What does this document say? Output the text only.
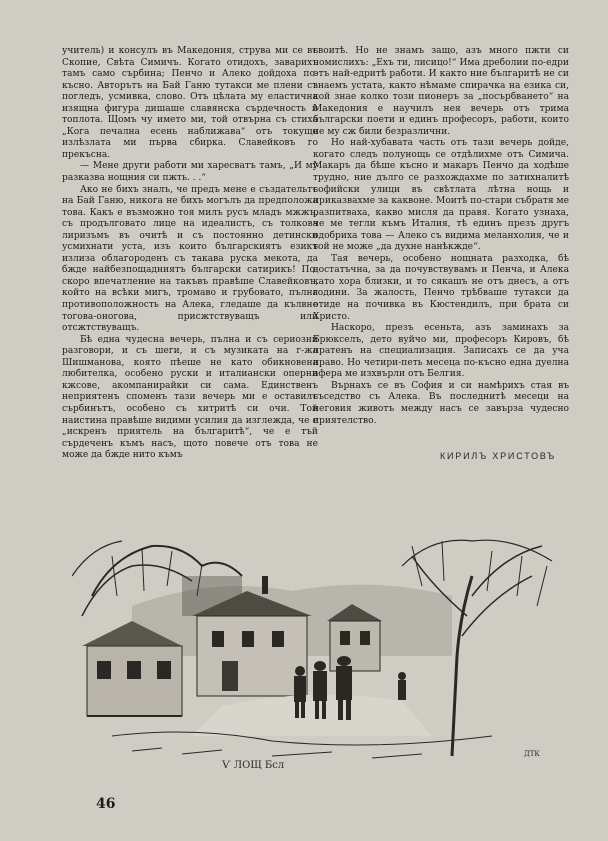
учитель) и консулъ въ Македония, струва ми се въ Скопие, Свѣта Симичъ. Когато отидохъ, заварихъ тамъ само сърбина; Пенчо и Алеко дойдоха по-късно. Авторътъ на Бай Ганю тутакси ме плени съ погледъ, усмивка, слово. Отъ цѣлата му еластична изящна фигура дишаше славянска сърдечность и топлота. Щомъ чу името ми, той отвърна съ стиха „Кога печална есень наближава“ отъ токущо излѣзлата ми първа сбирка. Славейковъ го прекъсна.

— Мене други работи ми харесватъ тамъ, „И му разказва нощния си пжть. . .“

Ако не бихъ зналъ, че предъ мене е създательтъ на Бай Ганю, никога не бихъ могълъ да предположа това. Какъ е възможно тоя милъ русъ младъ мжжъ, съ продълговато лице на идеалистъ, съ толкова лиризъмъ въ очитѣ и съ постоянно детински усмихнати уста, изъ които българскиятъ езикъ излиза облагороденъ съ такава руска мекота, да бжде найбезпощадниятъ български сатирикъ! По-скоро впечатление на такъвъ правѣше Славейковъ, който на всѣки мигъ, тромаво и грубовато, пълна противоположность на Алека, гледаше да кълвне тогова-оногова, присжтствуващъ или отсжтствуващъ.

Бѣ една чудесна вечерь, пълна и съ сериозни разговори, и съ шеги, и съ музиката на г-жа Шишманова, която пѣеше не като обикновена любителка, особено руски и италиански оперни кжсове, акомпанирайки си сама. Единственъ неприятенъ споменъ тази вечерь ми е оставилъ сърбинътъ, особено съ хитритѣ си очи. Той наистина правѣше видими усилия да изглежда, че е „искренъ приятель на българитѣ“, че е тъй сърдеченъ къмъ насъ, щото повече отъ това не може да бжде нито къмъ

своитѣ. Но не знамъ защо, азъ много пжти си помислихъ: „Ехъ ти, лисицо!“ Има дреболии по-едри отъ най-едритѣ работи. И както ние българитѣ не си знаемъ устата, както нѣмаме спирачка на езика си, кой знае колко този пионеръ за „посърбването“ на Македония е научилъ нея вечерь отъ трима български поети и единъ професоръ, работи, които не му сж били безразлични.

Но най-хубавата часть отъ тази вечерь дойде, когато следъ полунощь се отдѣлихме отъ Симича. Макаръ да бѣше късно и макаръ Пенчо да ходѣше трудно, ние дълго се разхождахме по затихналитѣ софийски улици въ свѣтлата лѣтна нощь и приказвахме за каквоне. Моитѣ по-стари събратя ме разпитваха, какво мисля да правя. Когато узнаха, че ме тегли къмъ Италия, тѣ единъ презъ другъ одобриха това — Алеко съ видима меланхолия, че и той не може „да духне нанѣкжде“.

Тая вечерь, особено нощната разходка, бѣ достатъчна, за да почувствувамъ и Пенча, и Алека като хора близки, и то сякашъ не отъ днесъ, а отъ години. За жалость, Пенчо трѣбваше тутакси да отиде на почивка въ Кюстендилъ, при брата си Христо.

Наскоро, презъ есеньта, азъ заминахъ за Брюкселъ, дето вуйчо ми, професоръ Кировъ, бѣ пратенъ на специализация. Записахъ се да уча право. Но четири-петь месеца по-късно една дуелна афера ме изхвърли отъ Белгия.

Върнахъ се въ София и си намѣрихъ стая въ съседство съ Алека. Въ последнитѣ месеци на неговия животъ между насъ се завърза чудесно приятелство.

КИРИЛЪ ХРИСТОВЪ
Ѵ ЛОЩ Бсл
ДТК
46
